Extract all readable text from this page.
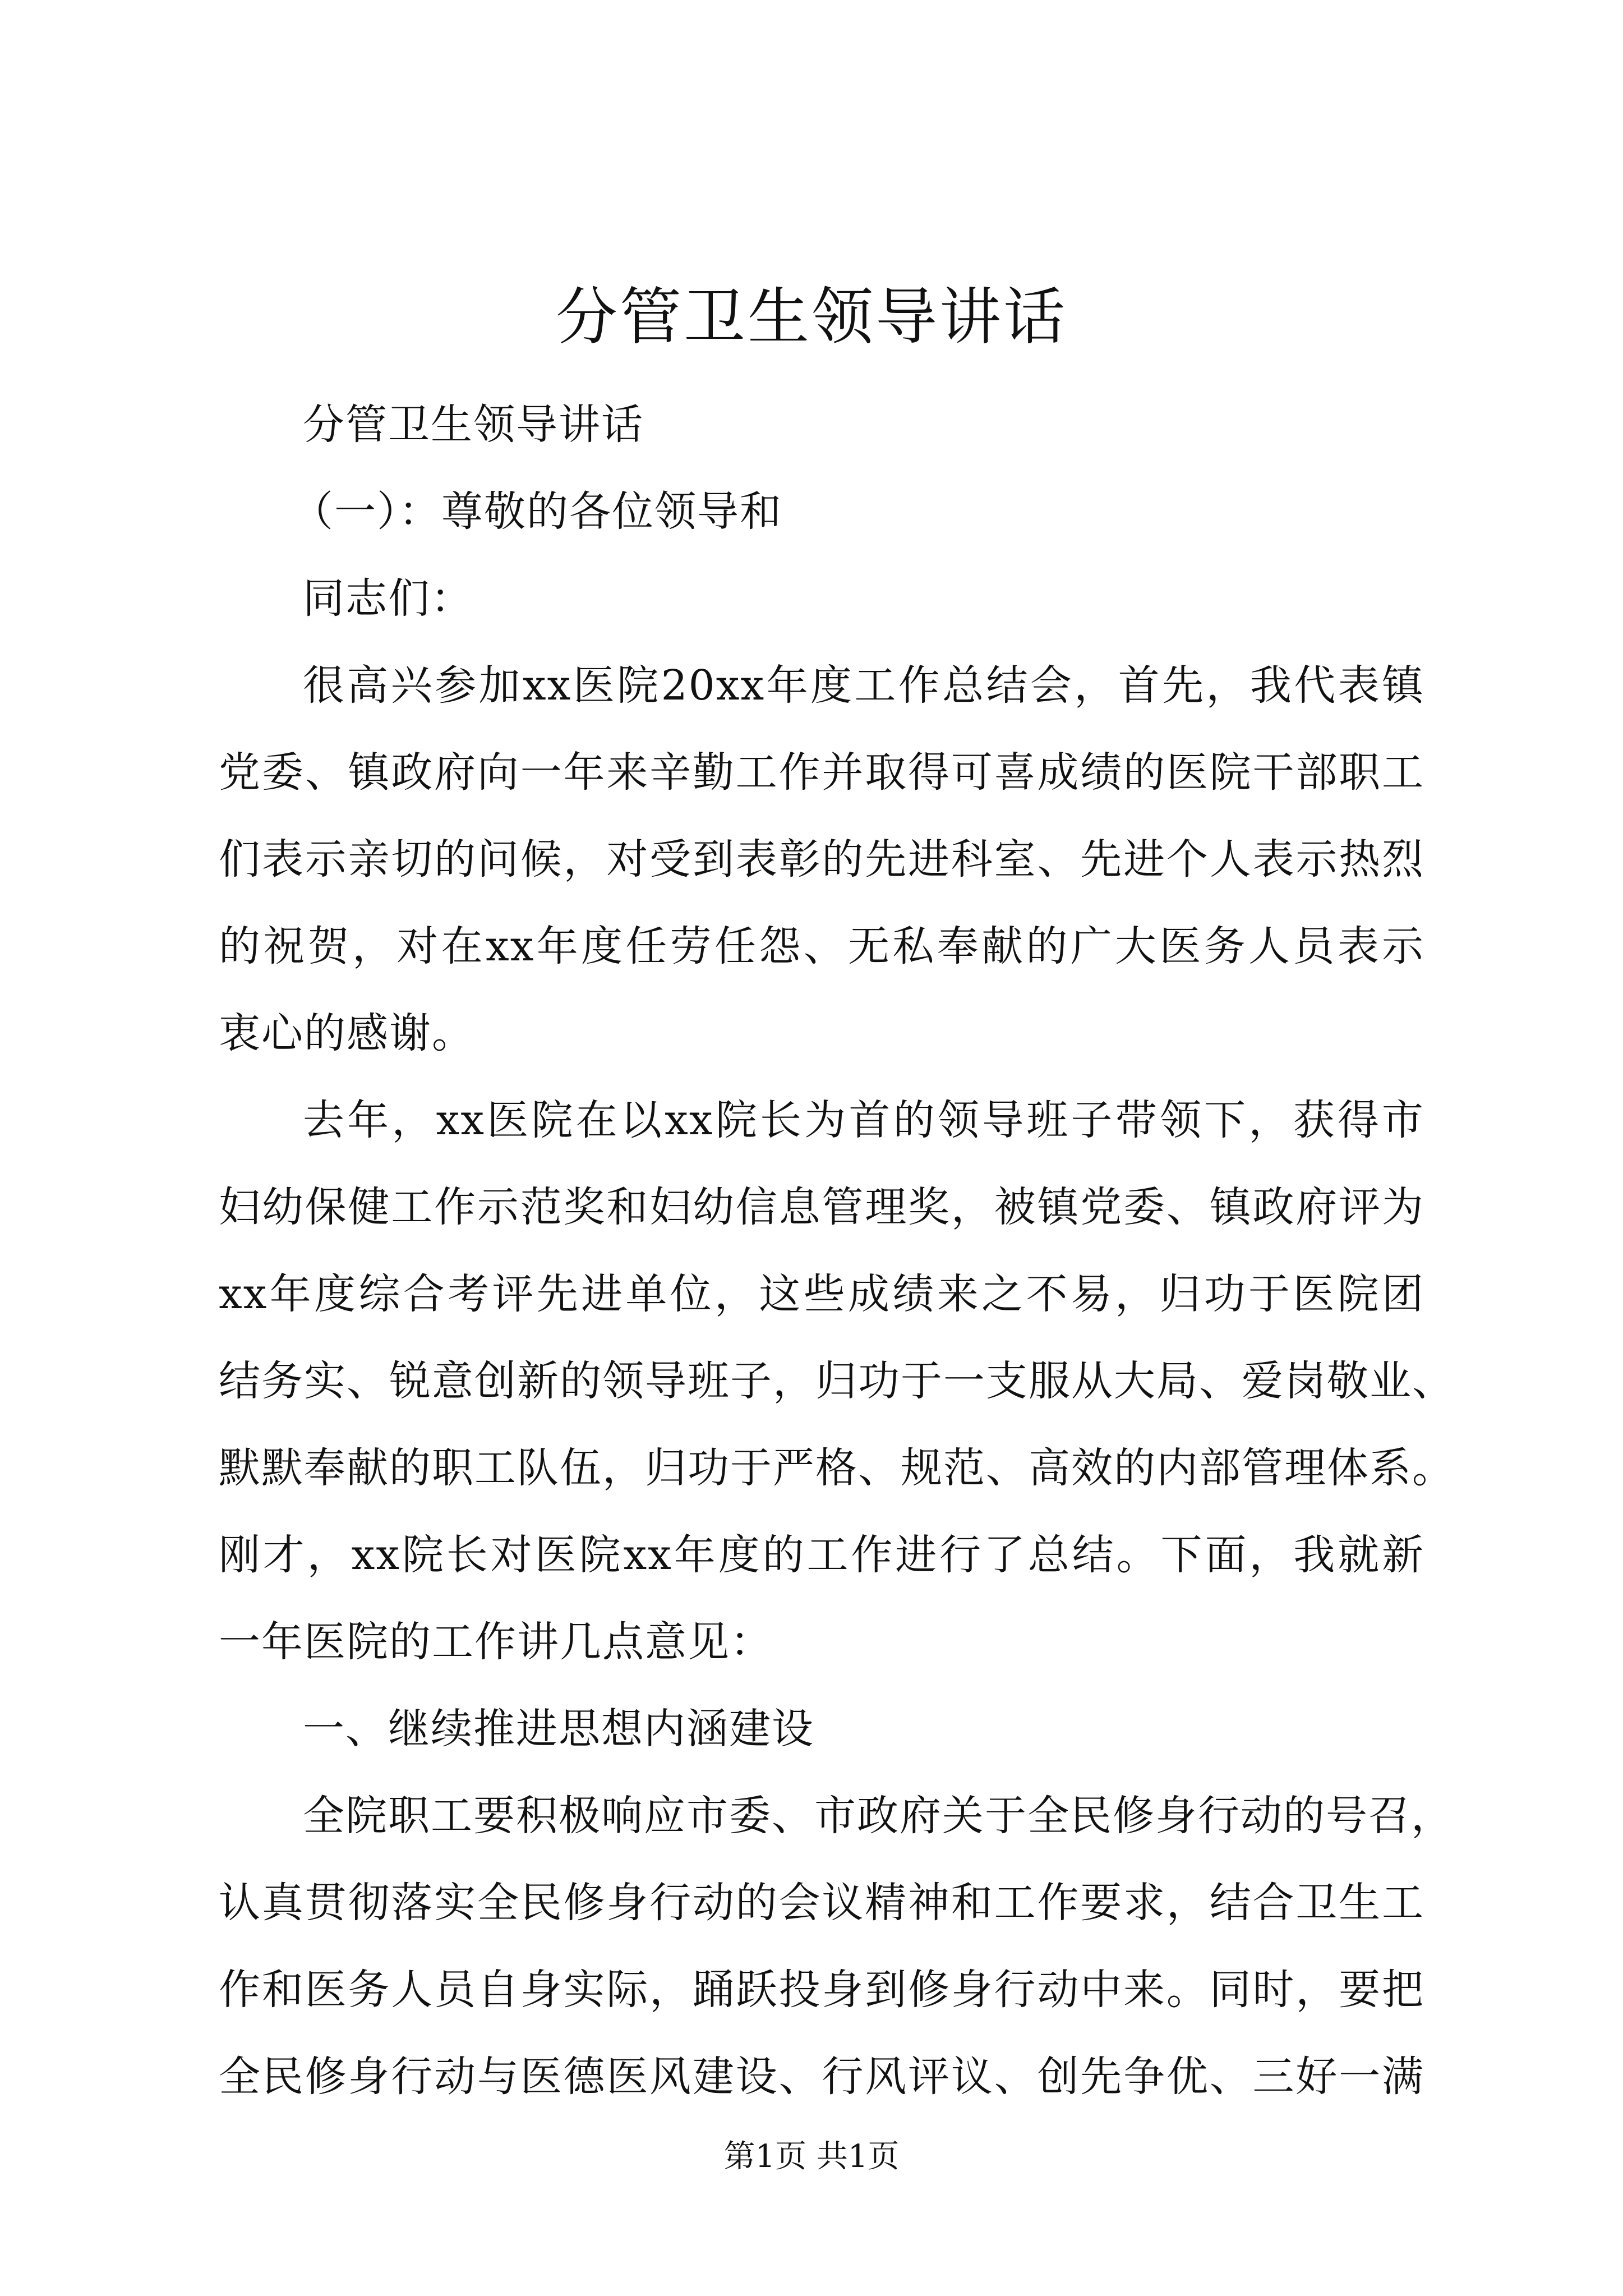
分管卫生领导讲话

分管卫生领导讲话

（一）：尊敬的各位领导和

同志们：

很高兴参加xx医院20xx年度工作总结会，首先，我代表镇

党委、镇政府向一年来辛勤工作并取得可喜成绩的医院干部职工

们表示亲切的问候，对受到表彰的先进科室、先进个人表示热烈

的祝贺，对在xx年度任劳任怨、无私奉献的广大医务人员表示

衷心的感谢。

去年，xx医院在以xx院长为首的领导班子带领下，获得市

妇幼保健工作示范奖和妇幼信息管理奖，被镇党委、镇政府评为

xx年度综合考评先进单位，这些成绩来之不易，归功于医院团

结务实、锐意创新的领导班子，归功于一支服从大局、爱岗敬业、

默默奉献的职工队伍，归功于严格、规范、高效的内部管理体系。

刚才，xx院长对医院xx年度的工作进行了总结。下面，我就新

一年医院的工作讲几点意见：

一、继续推进思想内涵建设

全院职工要积极响应市委、市政府关于全民修身行动的号召，

认真贯彻落实全民修身行动的会议精神和工作要求，结合卫生工

作和医务人员自身实际，踊跃投身到修身行动中来。同时，要把

全民修身行动与医德医风建设、行风评议、创先争优、三好一满

第1页 共1页
